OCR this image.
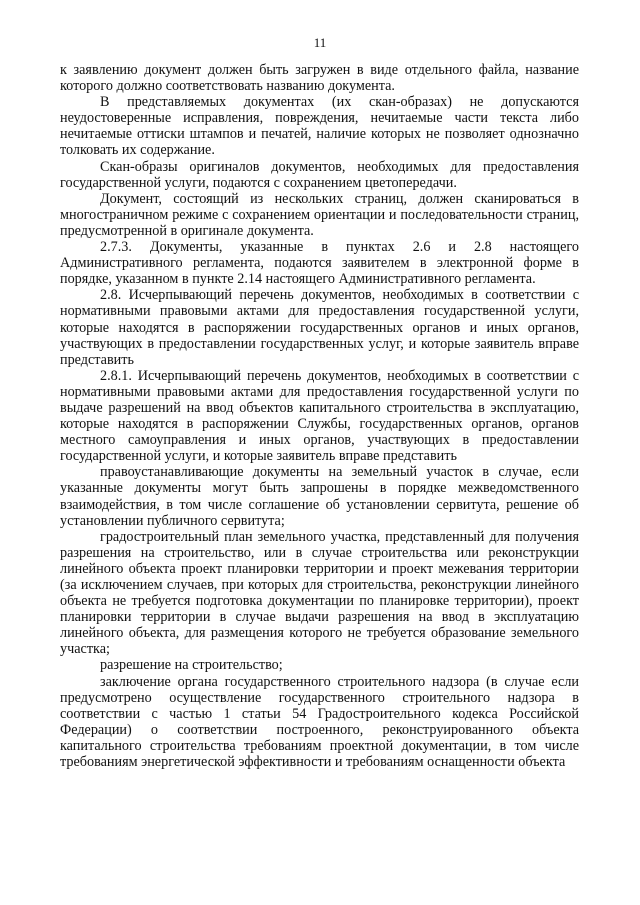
11

к заявлению документ должен быть загружен в виде отдельного файла, название которого должно соответствовать названию документа.

В представляемых документах (их скан-образах) не допускаются неудостоверенные исправления, повреждения, нечитаемые части текста либо нечитаемые оттиски штампов и печатей, наличие которых не позволяет однозначно толковать их содержание.

Скан-образы оригиналов документов, необходимых для предоставления государственной услуги, подаются с сохранением цветопередачи.

Документ, состоящий из нескольких страниц, должен сканироваться в многостраничном режиме с сохранением ориентации и последовательности страниц, предусмотренной в оригинале документа.

2.7.3. Документы, указанные в пунктах 2.6 и 2.8 настоящего Административного регламента, подаются заявителем в электронной форме в порядке, указанном в пункте 2.14 настоящего Административного регламента.

2.8. Исчерпывающий перечень документов, необходимых в соответствии с нормативными правовыми актами для предоставления государственной услуги, которые находятся в распоряжении государственных органов и иных органов, участвующих в предоставлении государственных услуг, и которые заявитель вправе представить

2.8.1. Исчерпывающий перечень документов, необходимых в соответствии с нормативными правовыми актами для предоставления государственной услуги по выдаче разрешений на ввод объектов капитального строительства в эксплуатацию, которые находятся в распоряжении Службы, государственных органов, органов местного самоуправления и иных органов, участвующих в предоставлении государственной услуги, и которые заявитель вправе представить

правоустанавливающие документы на земельный участок в случае, если указанные документы могут быть запрошены в порядке межведомственного взаимодействия, в том числе соглашение об установлении сервитута, решение об установлении публичного сервитута;

градостроительный план земельного участка, представленный для получения разрешения на строительство, или в случае строительства или реконструкции линейного объекта проект планировки территории и проект межевания территории (за исключением случаев, при которых для строительства, реконструкции линейного объекта не требуется подготовка документации по планировке территории), проект планировки территории в случае выдачи разрешения на ввод в эксплуатацию линейного объекта, для размещения которого не требуется образование земельного участка;

разрешение на строительство;

заключение органа государственного строительного надзора (в случае если предусмотрено осуществление государственного строительного надзора в соответствии с частью 1 статьи 54 Градостроительного кодекса Российской Федерации) о соответствии построенного, реконструированного объекта капитального строительства требованиям проектной документации, в том числе требованиям энергетической эффективности и требованиям оснащенности объекта
